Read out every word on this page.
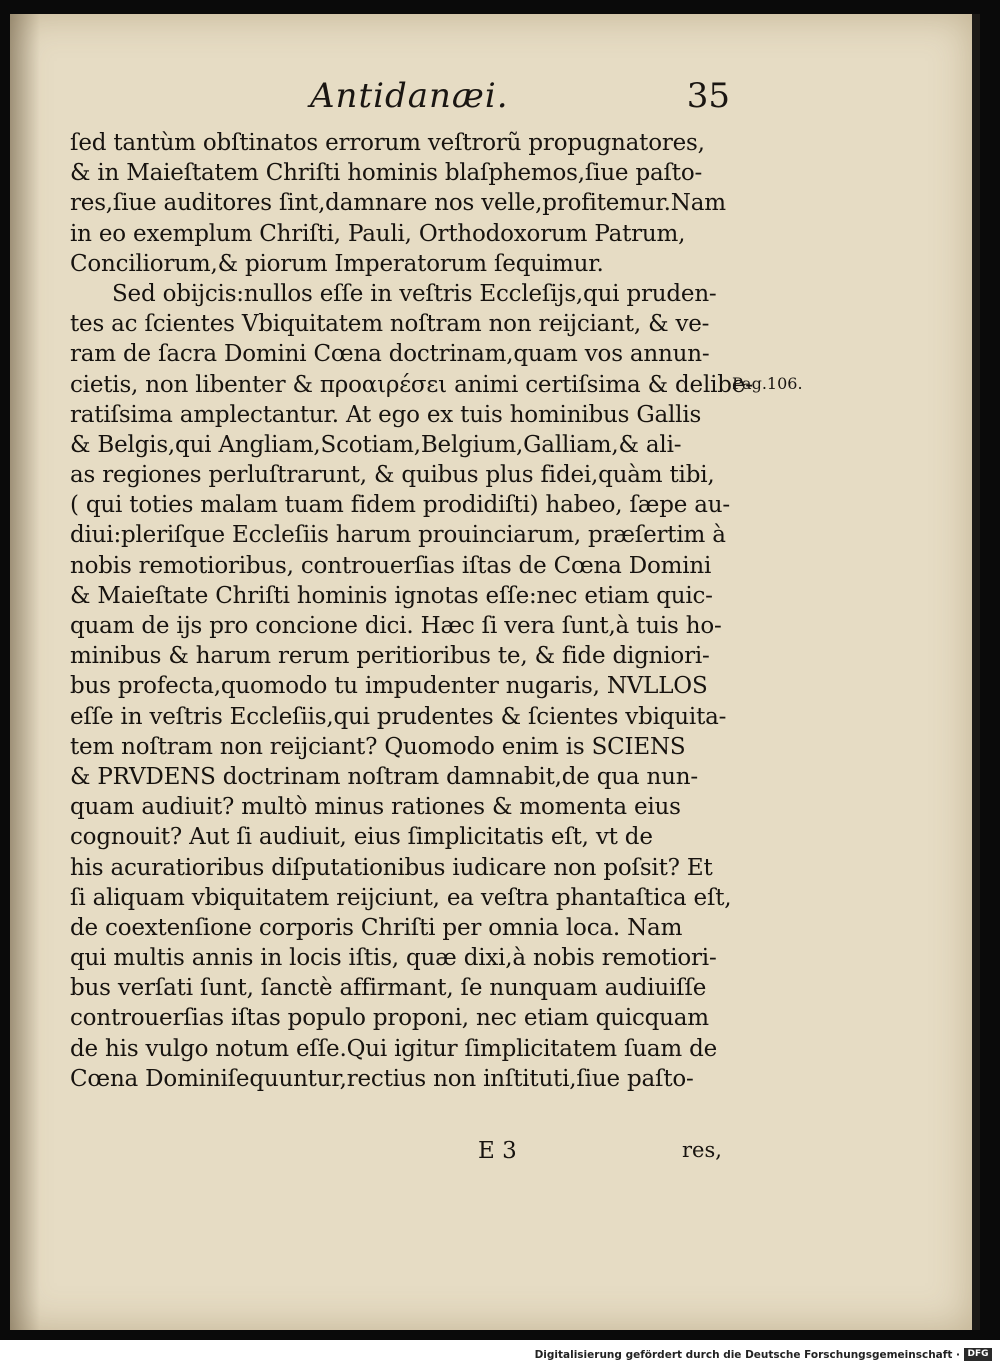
Antidanæi.	35
ſed tantùm obſtinatos errorum veſtrorũ propugnatores,
& in Maieſtatem Chriſti hominis blaſphemos,ſiue paſto-
res,ſiue auditores ſint,damnare nos velle,profitemur.Nam
in eo exemplum Chriſti, Pauli, Orthodoxorum Patrum,
Conciliorum,& piorum Imperatorum ſequimur.
Sed obijcis:nullos eſſe in veſtris Eccleſijs,qui pruden-
tes ac ſcientes Vbiquitatem noſtram non reijciant, & ve-
ram de ſacra Domini Cœna doctrinam,quam vos annun-
cietis, non libenter & προαιρέσει animi certiſsima & delibe-
ratiſsima amplectantur. At ego ex tuis hominibus Gallis
& Belgis,qui Angliam,Scotiam,Belgium,Galliam,& ali-
as regiones perluſtrarunt, & quibus plus fidei,quàm tibi,
( qui toties malam tuam fidem prodidiſti) habeo, ſæpe au-
diui:pleriſque Eccleſiis harum prouinciarum, præſertim à
nobis remotioribus, controuerſias iſtas de Cœna Domini
& Maieſtate Chriſti hominis ignotas eſſe:nec etiam quic-
quam de ijs pro concione dici. Hæc ſi vera ſunt,à tuis ho-
minibus & harum rerum peritioribus te, & fide digniori-
bus profecta,quomodo tu impudenter nugaris, NVLLOS
eſſe in veſtris Eccleſiis,qui prudentes & ſcientes vbiquita-
tem noſtram non reijciant? Quomodo enim is SCIENS
& PRVDENS doctrinam noſtram damnabit,de qua nun-
quam audiuit? multò minus rationes & momenta eius
cognouit? Aut ſi audiuit, eius ſimplicitatis eſt, vt de
his acuratioribus diſputationibus iudicare non poſsit? Et
ſi aliquam vbiquitatem reijciunt, ea veſtra phantaſtica eſt,
de coextenſione corporis Chriſti per omnia loca. Nam
qui multis annis in locis iſtis, quæ dixi,à nobis remotiori-
bus verſati ſunt, ſanctè affirmant, ſe nunquam audiuiſſe
controuerſias iſtas populo proponi, nec etiam quicquam
de his vulgo notum eſſe.Qui igitur ſimplicitatem ſuam de
Cœna Dominiſequuntur,rectius non inſtituti,ſiue paſto-
Pag.106.
E 3	res,
Digitalisierung gefördert durch die Deutsche Forschungsgemeinschaft · DFG
